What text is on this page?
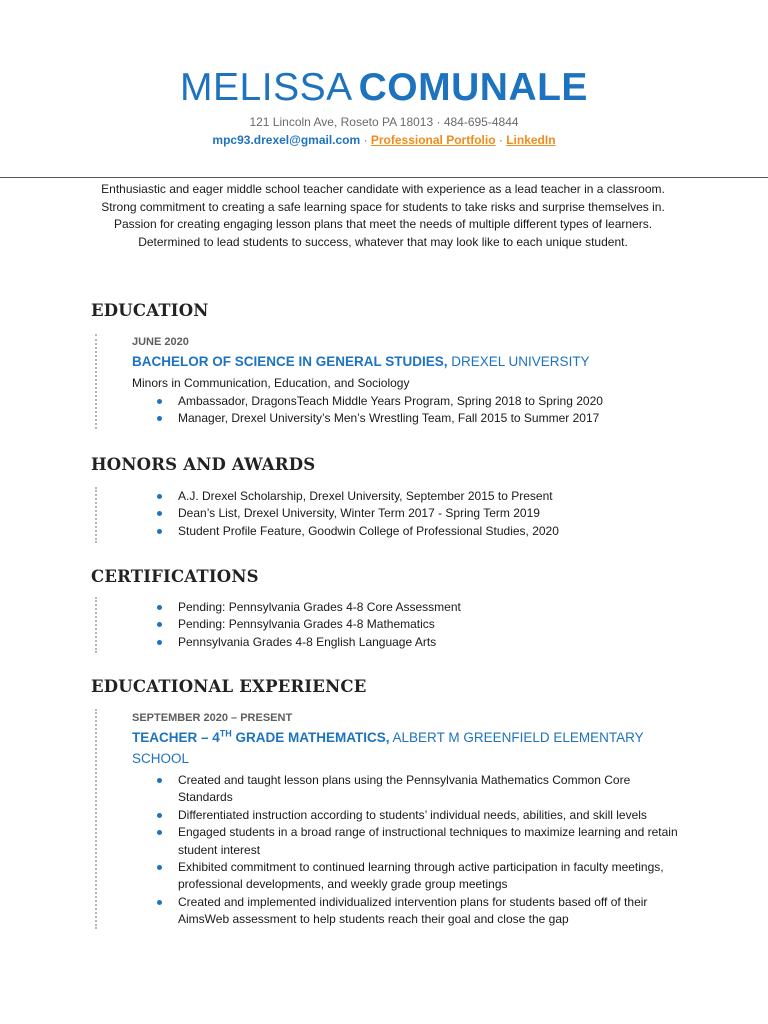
MELISSA COMUNALE
121 Lincoln Ave, Roseto PA 18013 · 484-695-4844
mpc93.drexel@gmail.com · Professional Portfolio · LinkedIn
Enthusiastic and eager middle school teacher candidate with experience as a lead teacher in a classroom. Strong commitment to creating a safe learning space for students to take risks and surprise themselves in. Passion for creating engaging lesson plans that meet the needs of multiple different types of learners. Determined to lead students to success, whatever that may look like to each unique student.
EDUCATION
JUNE 2020
BACHELOR OF SCIENCE IN GENERAL STUDIES, DREXEL UNIVERSITY
Minors in Communication, Education, and Sociology
Ambassador, DragonsTeach Middle Years Program, Spring 2018 to Spring 2020
Manager, Drexel University’s Men’s Wrestling Team, Fall 2015 to Summer 2017
HONORS AND AWARDS
A.J. Drexel Scholarship, Drexel University, September 2015 to Present
Dean’s List, Drexel University, Winter Term 2017 - Spring Term 2019
Student Profile Feature, Goodwin College of Professional Studies, 2020
CERTIFICATIONS
Pending: Pennsylvania Grades 4-8 Core Assessment
Pending: Pennsylvania Grades 4-8 Mathematics
Pennsylvania Grades 4-8 English Language Arts
EDUCATIONAL EXPERIENCE
SEPTEMBER 2020 – PRESENT
TEACHER – 4TH GRADE MATHEMATICS, ALBERT M GREENFIELD ELEMENTARY SCHOOL
Created and taught lesson plans using the Pennsylvania Mathematics Common Core Standards
Differentiated instruction according to students’ individual needs, abilities, and skill levels
Engaged students in a broad range of instructional techniques to maximize learning and retain student interest
Exhibited commitment to continued learning through active participation in faculty meetings, professional developments, and weekly grade group meetings
Created and implemented individualized intervention plans for students based off of their AimsWeb assessment to help students reach their goal and close the gap
